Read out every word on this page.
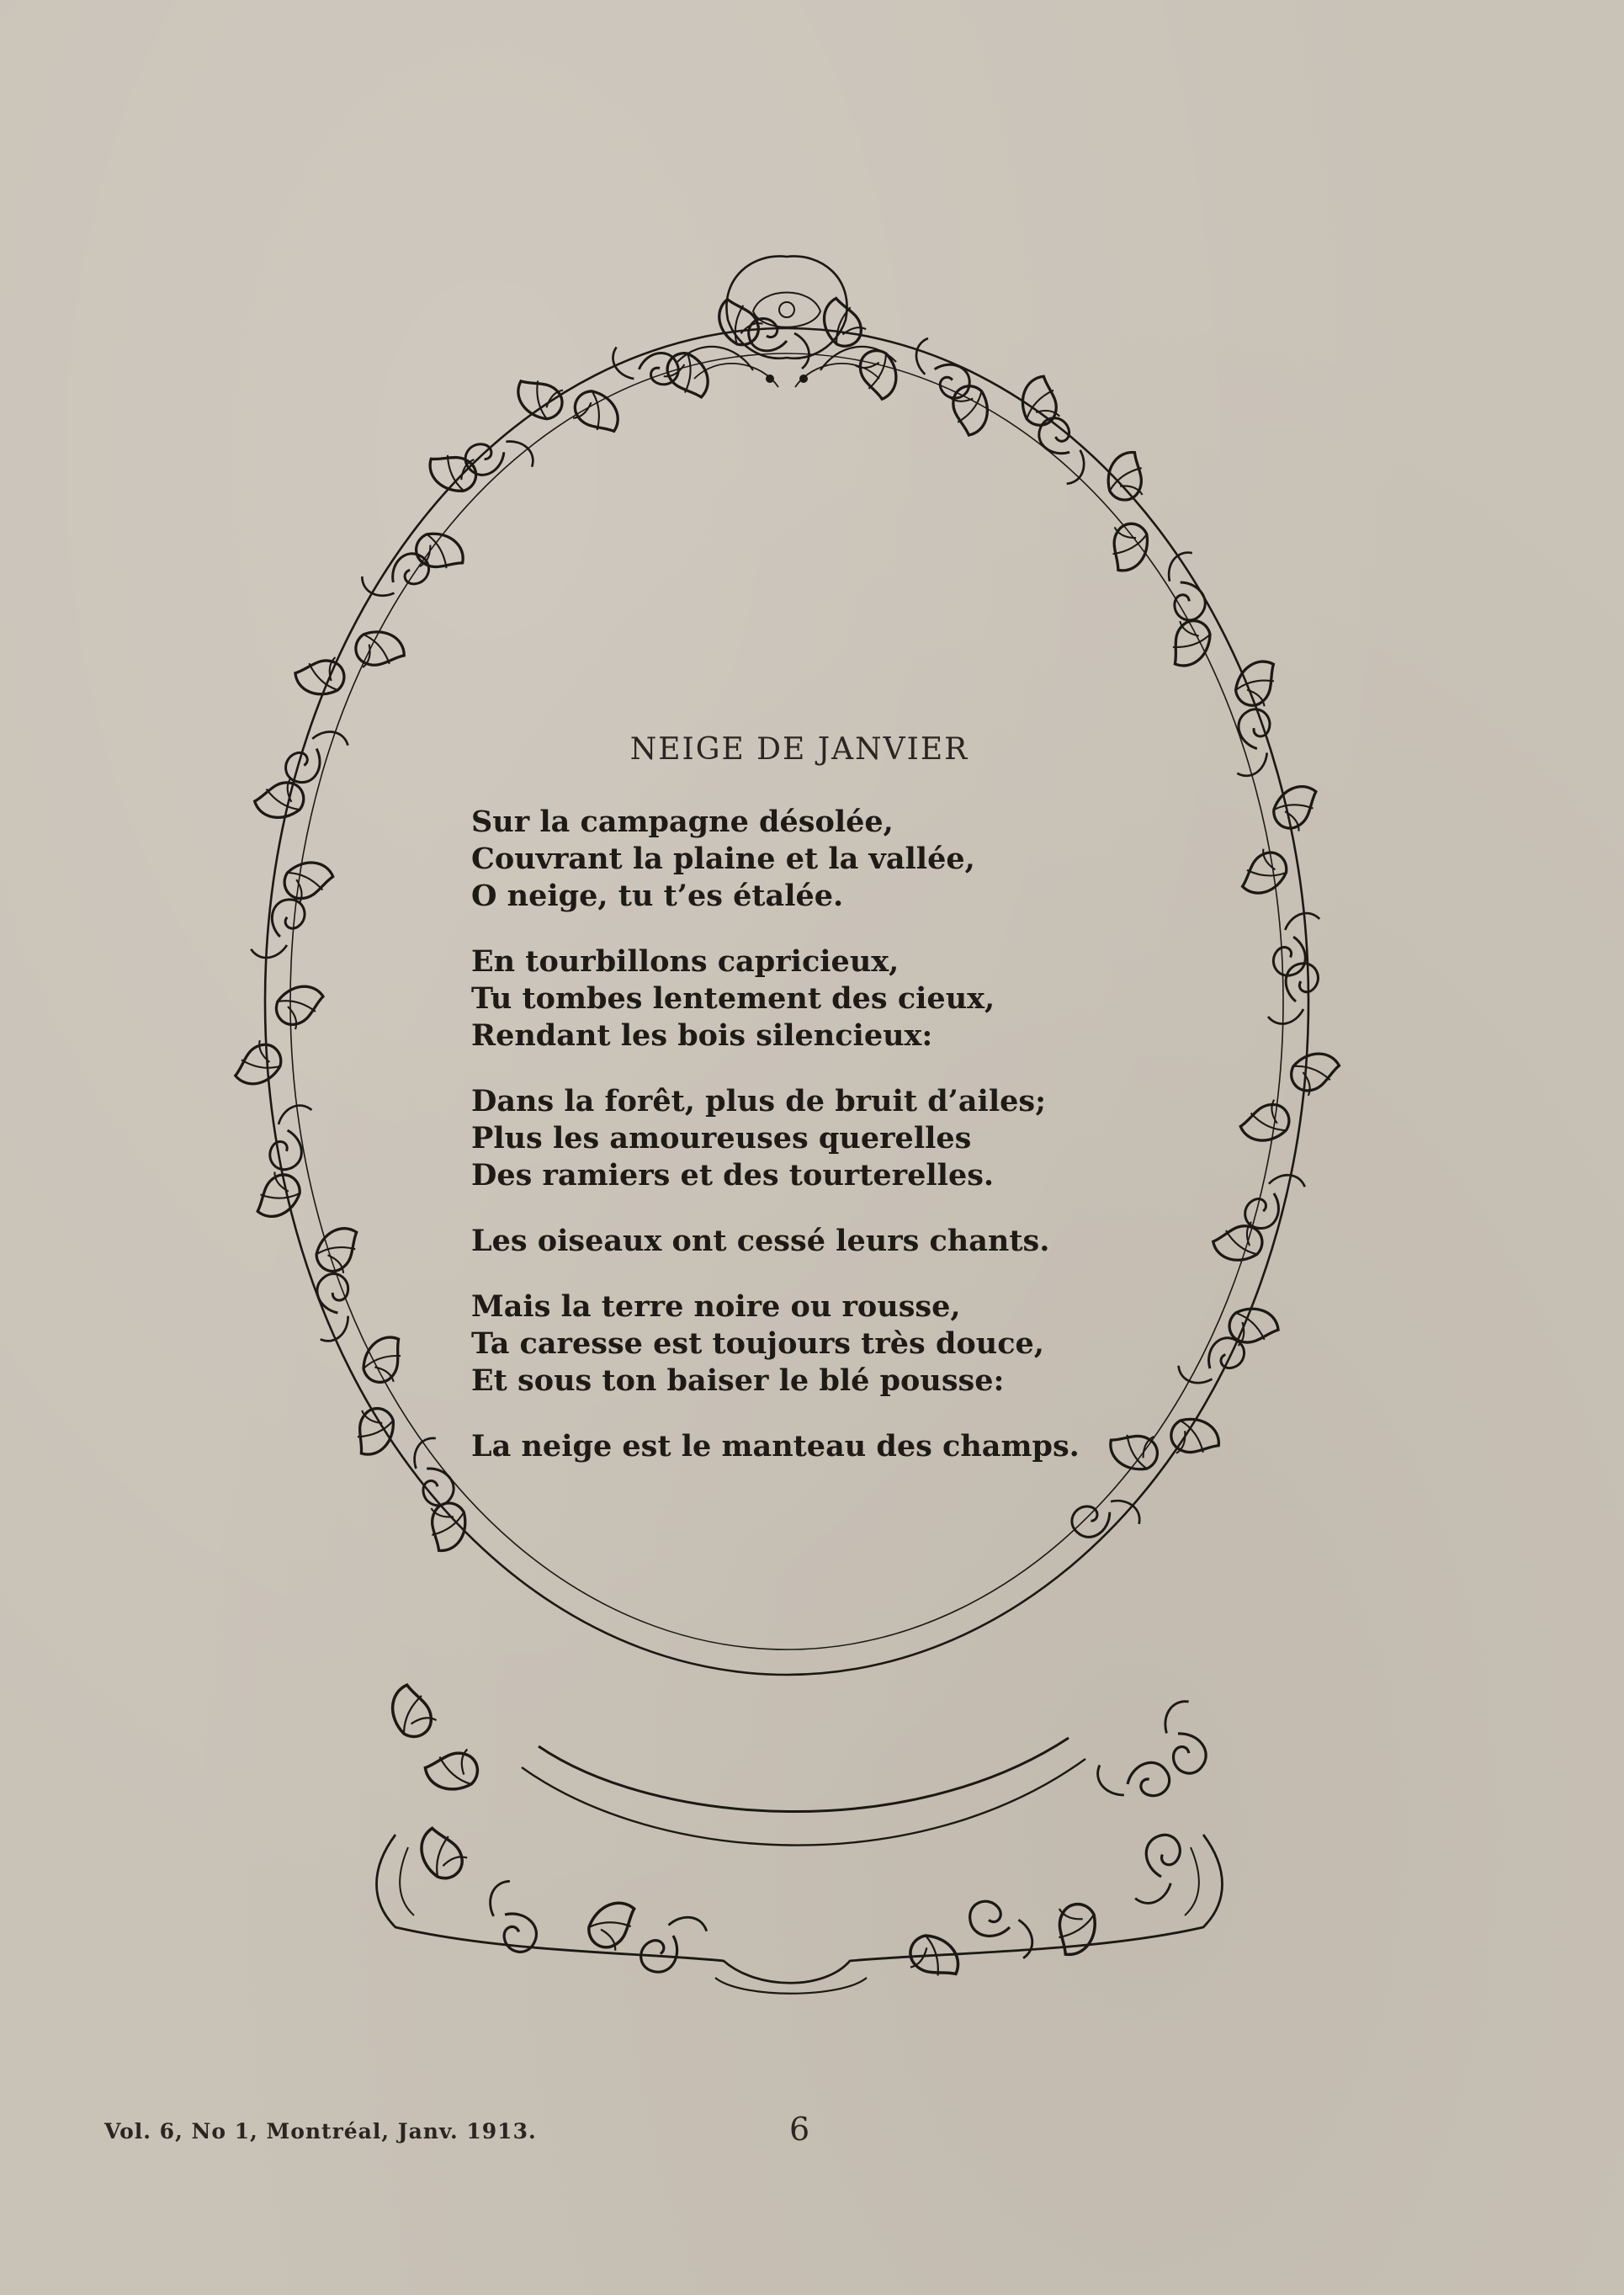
NEIGE DE JANVIER
Sur la campagne désolée,
Couvrant la plaine et la vallée,
O neige, tu t’es étalée.
En tourbillons capricieux,
Tu tombes lentement des cieux,
Rendant les bois silencieux:
Dans la forêt, plus de bruit d’ailes;
Plus les amoureuses querelles
Des ramiers et des tourterelles.
Les oiseaux ont cessé leurs chants.
Mais la terre noire ou rousse,
Ta caresse est toujours très douce,
Et sous ton baiser le blé pousse:
La neige est le manteau des champs.
Vol. 6, No 1, Montréal, Janv. 1913.	6
